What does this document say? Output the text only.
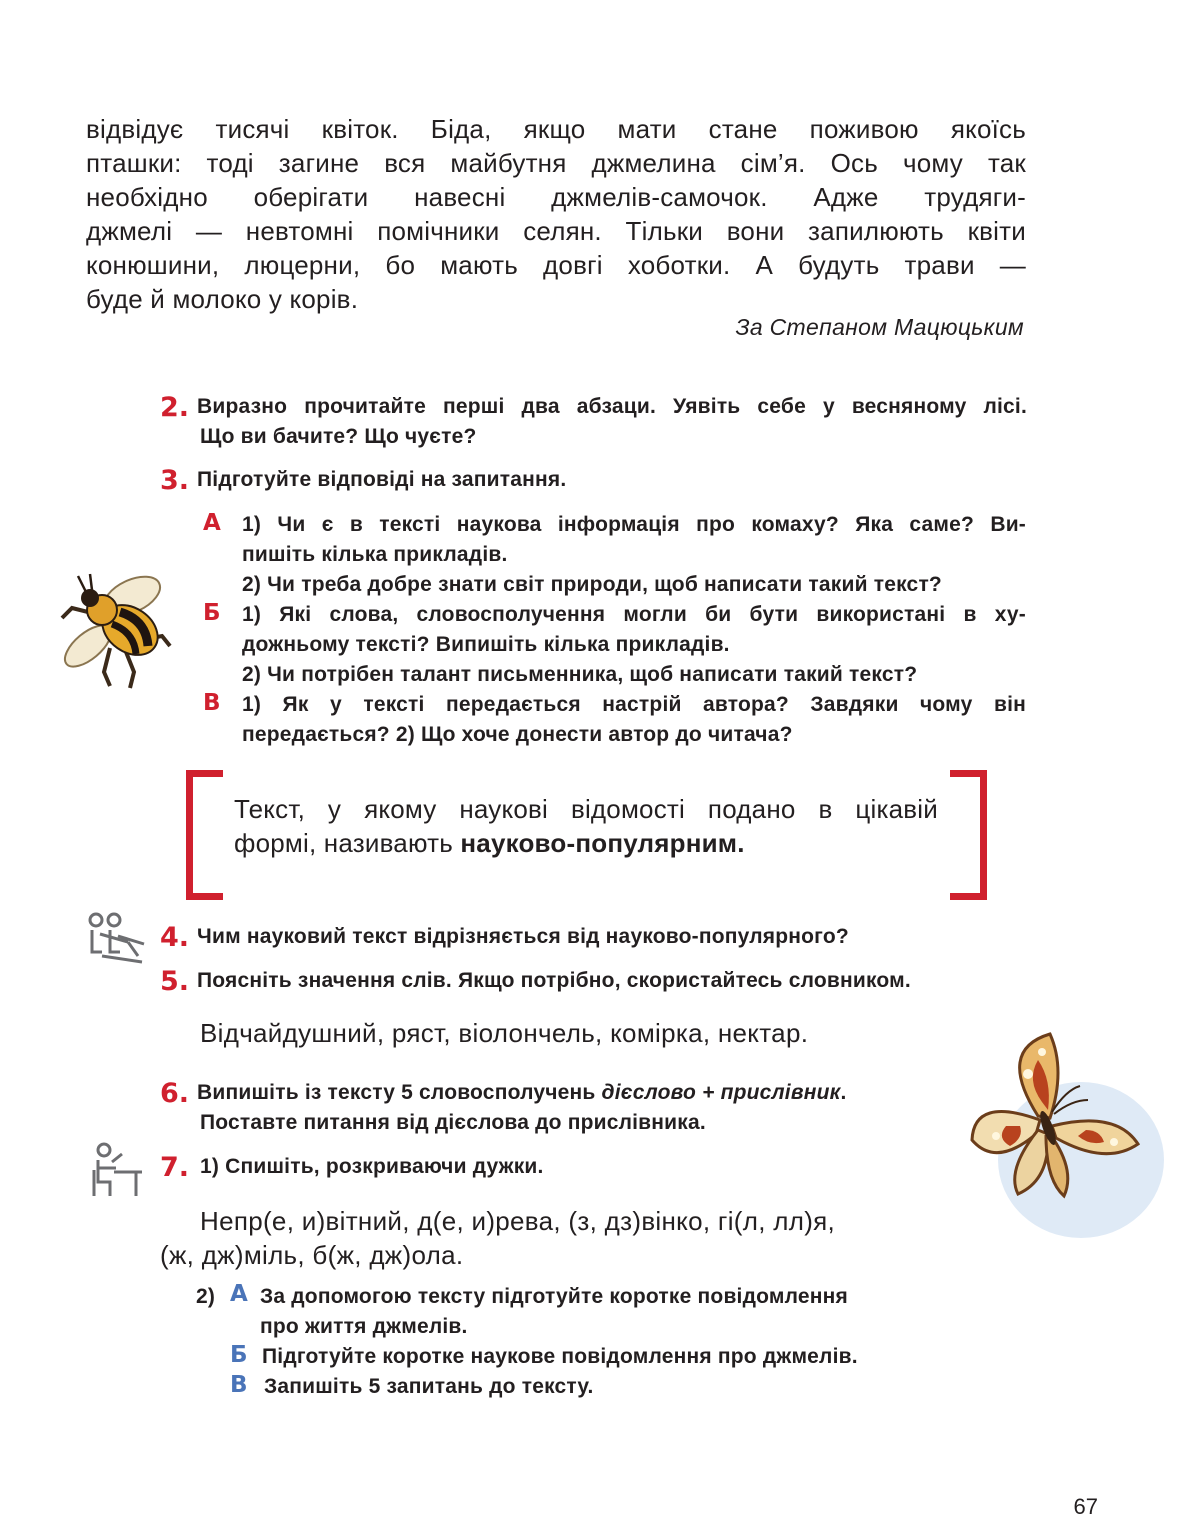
відвідує тисячі квіток. Біда, якщо мати стане поживою якоїсь
пташки: тоді загине вся майбутня джмелина сім’я. Ось чому так
необхідно оберігати навесні джмелів-самочок. Адже трудяги-
джмелі — невтомні помічники селян. Тільки вони запилюють квіти
конюшини, люцерни, бо мають довгі хоботки. А будуть трави —
буде й молоко у корів.
За Степаном Мацюцьким
2. Виразно прочитайте перші два абзаци. Уявіть себе у весняному лісі.
Що ви бачите? Що чуєте?
3. Підготуйте відповіді на запитання.
А 1) Чи є в тексті наукова інформація про комаху? Яка саме? Ви-
пишіть кілька прикладів.
2) Чи треба добре знати світ природи, щоб написати такий текст?
Б 1) Які слова, словосполучення могли би бути використані в ху-
дожньому тексті? Випишіть кілька прикладів.
2) Чи потрібен талант письменника, щоб написати такий текст?
В 1) Як у тексті передається настрій автора? Завдяки чому він
передається? 2) Що хоче донести автор до читача?
Текст, у якому наукові відомості подано в цікавій
формі, називають науково-популярним.
4. Чим науковий текст відрізняється від науково-популярного?
5. Поясніть значення слів. Якщо потрібно, скористайтесь словником.
Відчайдушний, ряст, віолончель, комірка, нектар.
6. Випишіть із тексту 5 словосполучень дієслово + прислівник.
Поставте питання від дієслова до прислівника.
7. 1) Спишіть, розкриваючи дужки.
Непр(е, и)вітний, д(е, и)рева, (з, дз)вінко, гі(л, лл)я,
(ж, дж)міль, б(ж, дж)ола.
2) А За допомогою тексту підготуйте коротке повідомлення
про життя джмелів.
Б Підготуйте коротке наукове повідомлення про джмелів.
В Запишіть 5 запитань до тексту.
67
